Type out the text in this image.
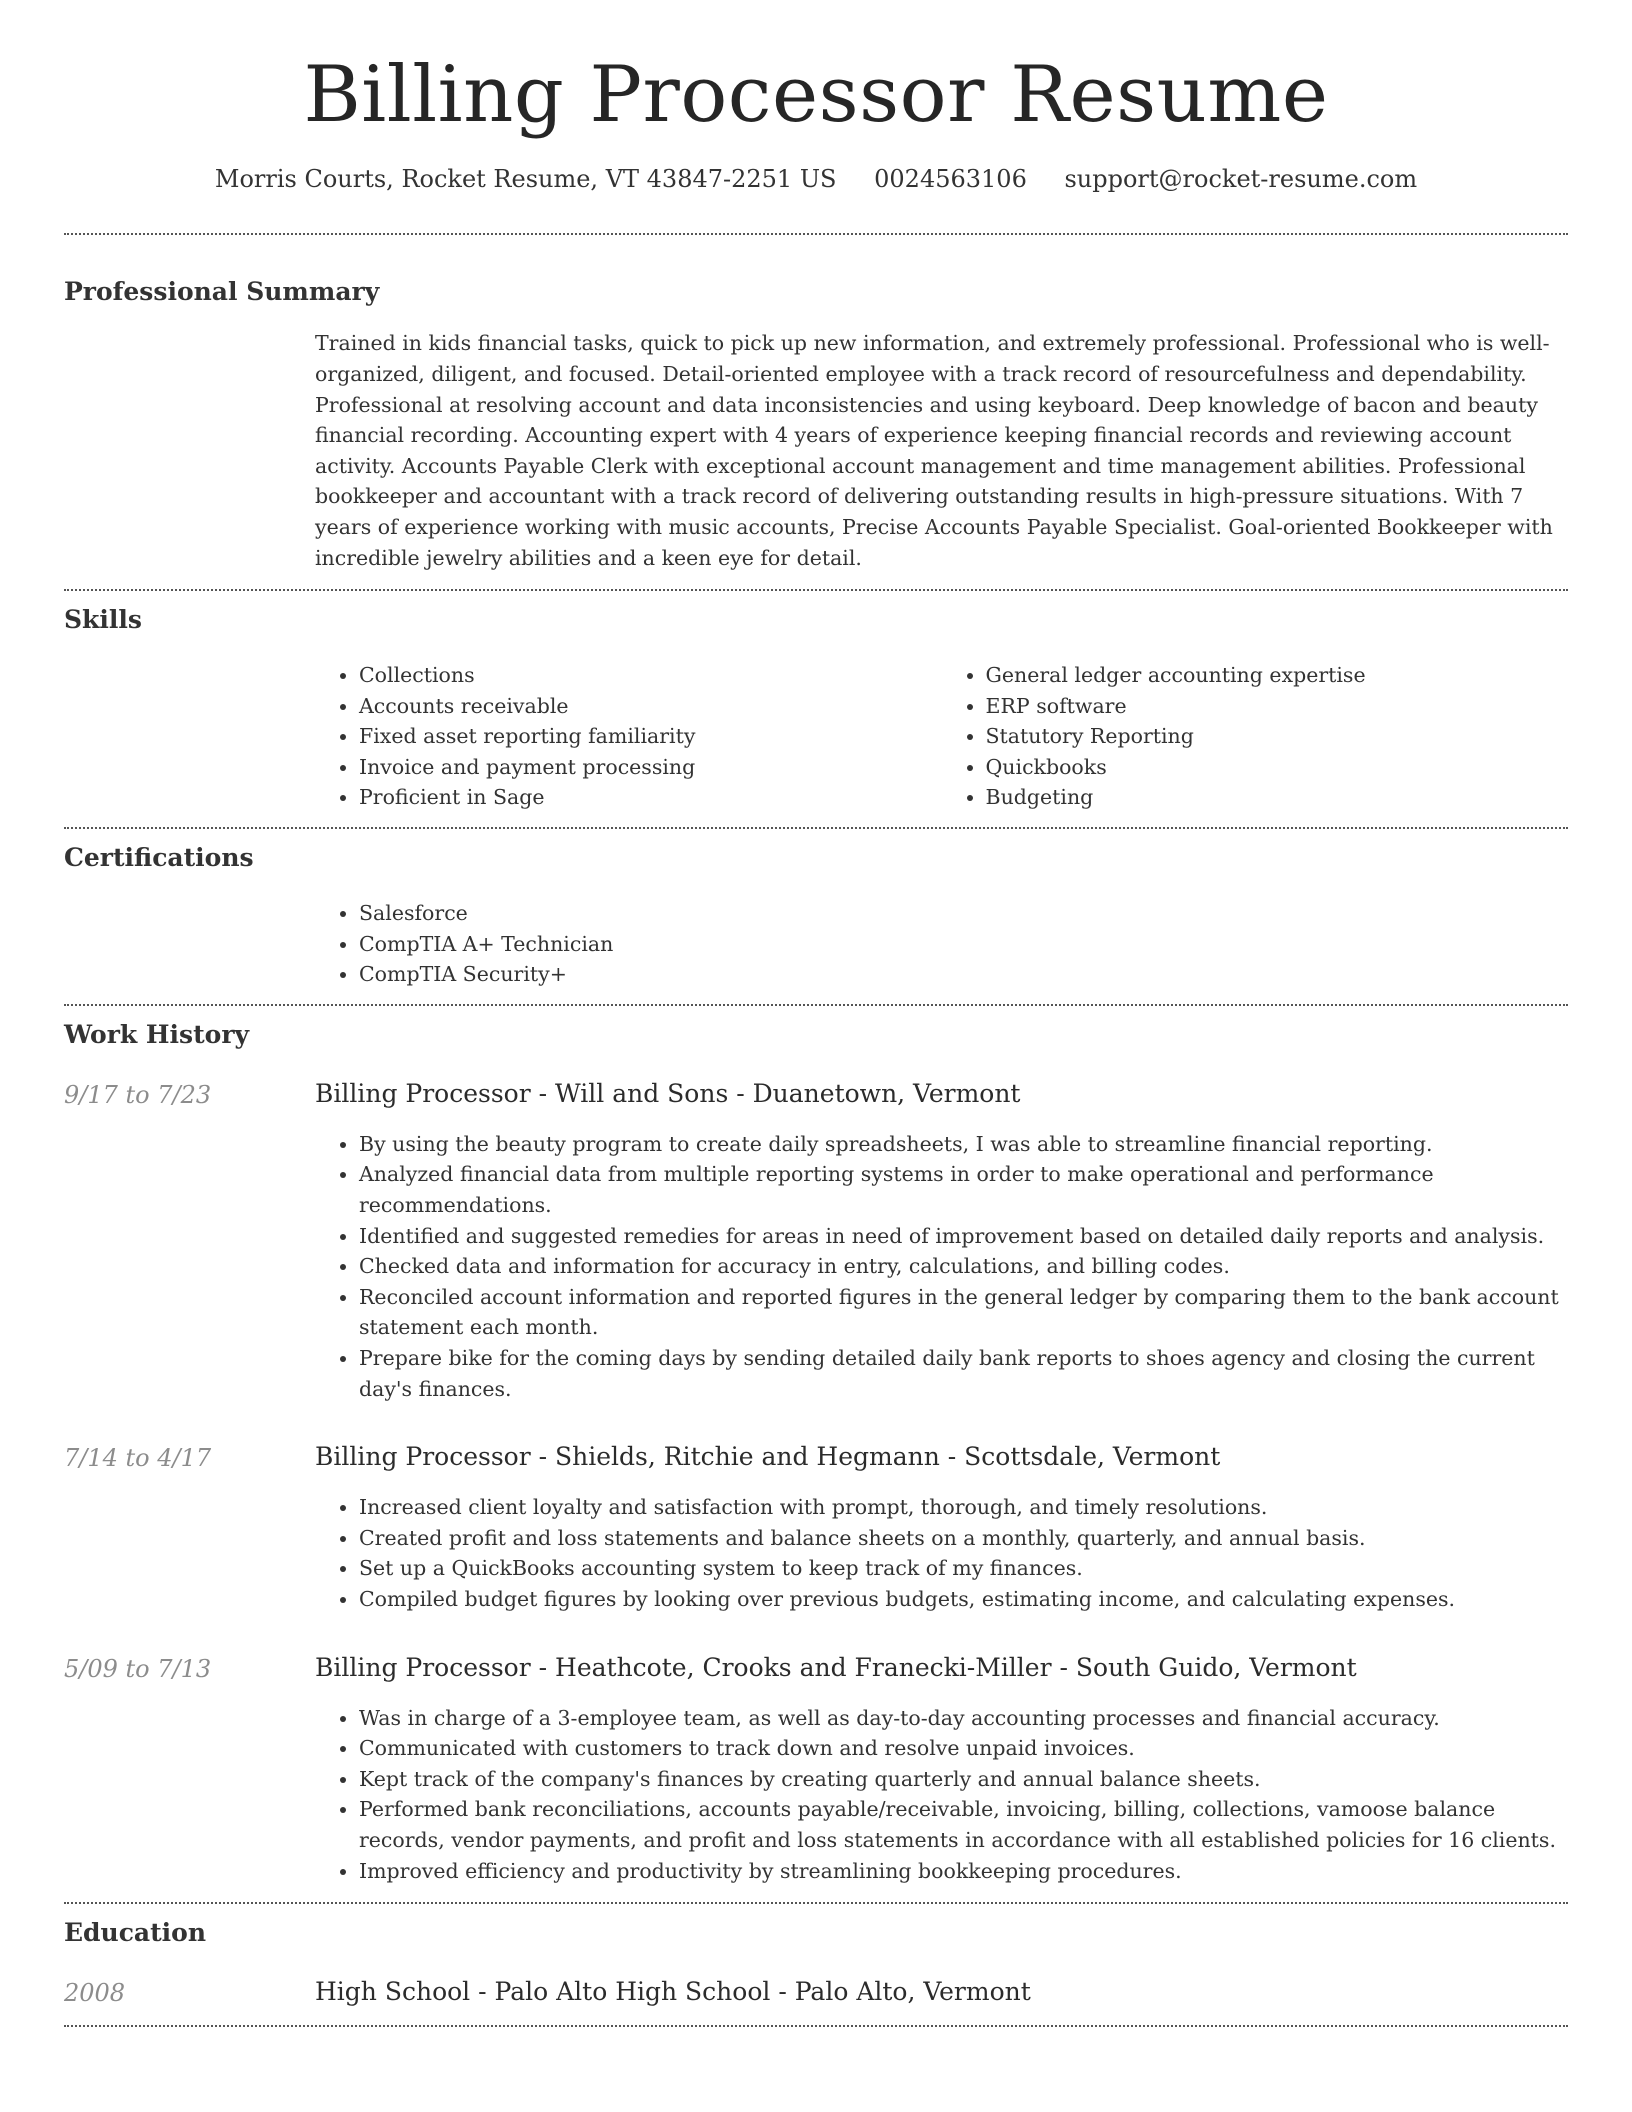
Billing Processor Resume
Morris Courts, Rocket Resume, VT 43847-2251 US 0024563106 support@rocket-resume.com
Professional Summary

Trained in kids financial tasks, quick to pick up new information, and extremely professional. Professional who is well-organized, diligent, and focused. Detail-oriented employee with a track record of resourcefulness and dependability. Professional at resolving account and data inconsistencies and using keyboard. Deep knowledge of bacon and beauty financial recording. Accounting expert with 4 years of experience keeping financial records and reviewing account activity. Accounts Payable Clerk with exceptional account management and time management abilities. Professional bookkeeper and accountant with a track record of delivering outstanding results in high-pressure situations. With 7 years of experience working with music accounts, Precise Accounts Payable Specialist. Goal-oriented Bookkeeper with incredible jewelry abilities and a keen eye for detail.

Skills
• Collections
• Accounts receivable
• Fixed asset reporting familiarity
• Invoice and payment processing
• Proficient in Sage
• General ledger accounting expertise
• ERP software
• Statutory Reporting
• Quickbooks
• Budgeting
Certifications
• Salesforce
• CompTIA A+ Technician
• CompTIA Security+
Work History
9/17 to 7/23	Billing Processor - Will and Sons - Duanetown, Vermont
• By using the beauty program to create daily spreadsheets, I was able to streamline financial reporting.
• Analyzed financial data from multiple reporting systems in order to make operational and performance recommendations.
• Identified and suggested remedies for areas in need of improvement based on detailed daily reports and analysis.
• Checked data and information for accuracy in entry, calculations, and billing codes.
• Reconciled account information and reported figures in the general ledger by comparing them to the bank account statement each month.
• Prepare bike for the coming days by sending detailed daily bank reports to shoes agency and closing the current day's finances.
7/14 to 4/17	Billing Processor - Shields, Ritchie and Hegmann - Scottsdale, Vermont
• Increased client loyalty and satisfaction with prompt, thorough, and timely resolutions.
• Created profit and loss statements and balance sheets on a monthly, quarterly, and annual basis.
• Set up a QuickBooks accounting system to keep track of my finances.
• Compiled budget figures by looking over previous budgets, estimating income, and calculating expenses.
5/09 to 7/13	Billing Processor - Heathcote, Crooks and Franecki-Miller - South Guido, Vermont
• Was in charge of a 3-employee team, as well as day-to-day accounting processes and financial accuracy.
• Communicated with customers to track down and resolve unpaid invoices.
• Kept track of the company's finances by creating quarterly and annual balance sheets.
• Performed bank reconciliations, accounts payable/receivable, invoicing, billing, collections, vamoose balance records, vendor payments, and profit and loss statements in accordance with all established policies for 16 clients.
• Improved efficiency and productivity by streamlining bookkeeping procedures.
Education
2008	High School - Palo Alto High School - Palo Alto, Vermont
